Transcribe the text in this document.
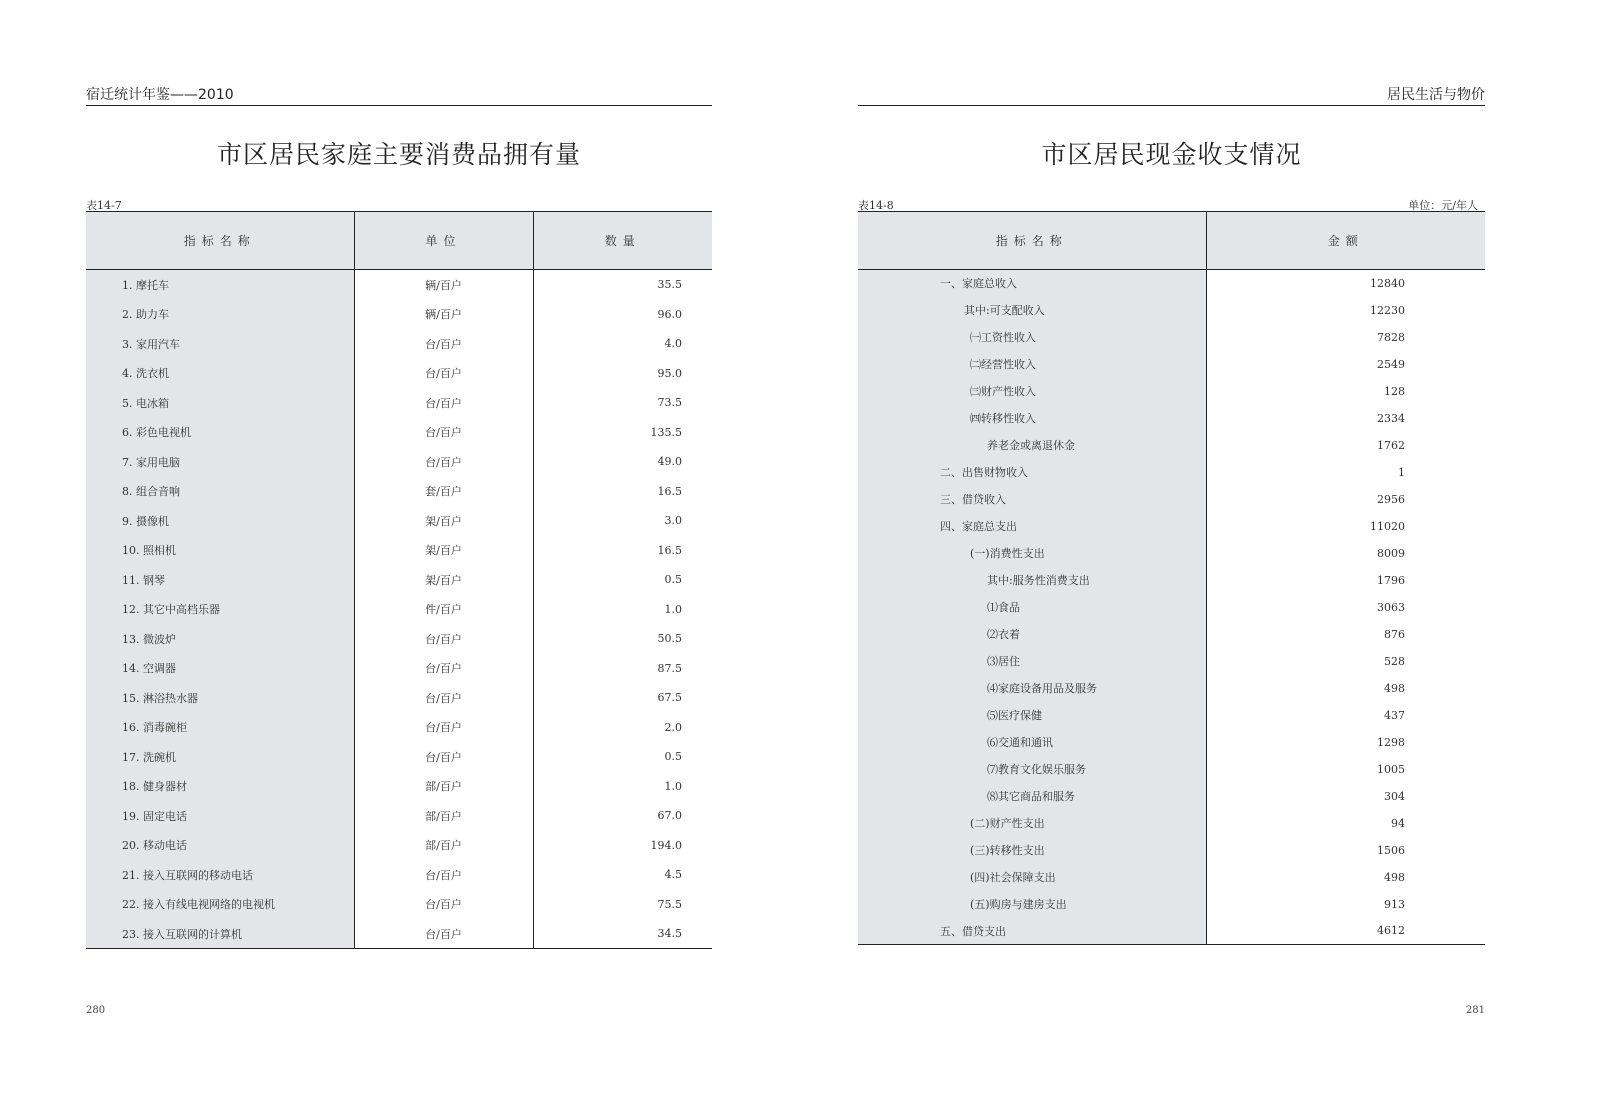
宿迁统计年鉴——2010
市区居民家庭主要消费品拥有量
表14-7
指标名称	单位	数量
1. 摩托车	辆/百户	35.5
2. 助力车	辆/百户	96.0
3. 家用汽车	台/百户	4.0
4. 洗衣机	台/百户	95.0
5. 电冰箱	台/百户	73.5
6. 彩色电视机	台/百户	135.5
7. 家用电脑	台/百户	49.0
8. 组合音响	套/百户	16.5
9. 摄像机	架/百户	3.0
10. 照相机	架/百户	16.5
11. 钢琴	架/百户	0.5
12. 其它中高档乐器	件/百户	1.0
13. 微波炉	台/百户	50.5
14. 空调器	台/百户	87.5
15. 淋浴热水器	台/百户	67.5
16. 消毒碗柜	台/百户	2.0
17. 洗碗机	台/百户	0.5
18. 健身器材	部/百户	1.0
19. 固定电话	部/百户	67.0
20. 移动电话	部/百户	194.0
21. 接入互联网的移动电话	台/百户	4.5
22. 接入有线电视网络的电视机	台/百户	75.5
23. 接入互联网的计算机	台/百户	34.5
280
居民生活与物价
市区居民现金收支情况
表14-8	单位：元/年人
指标名称	金额
一、家庭总收入	12840
其中:可支配收入	12230
㈠工资性收入	7828
㈡经营性收入	2549
㈢财产性收入	128
㈣转移性收入	2334
养老金或离退休金	1762
二、出售财物收入	1
三、借贷收入	2956
四、家庭总支出	11020
(一)消费性支出	8009
其中:服务性消费支出	1796
⑴食品	3063
⑵衣着	876
⑶居住	528
⑷家庭设备用品及服务	498
⑸医疗保健	437
⑹交通和通讯	1298
⑺教育文化娱乐服务	1005
⑻其它商品和服务	304
(二)财产性支出	94
(三)转移性支出	1506
(四)社会保障支出	498
(五)购房与建房支出	913
五、借贷支出	4612
281
